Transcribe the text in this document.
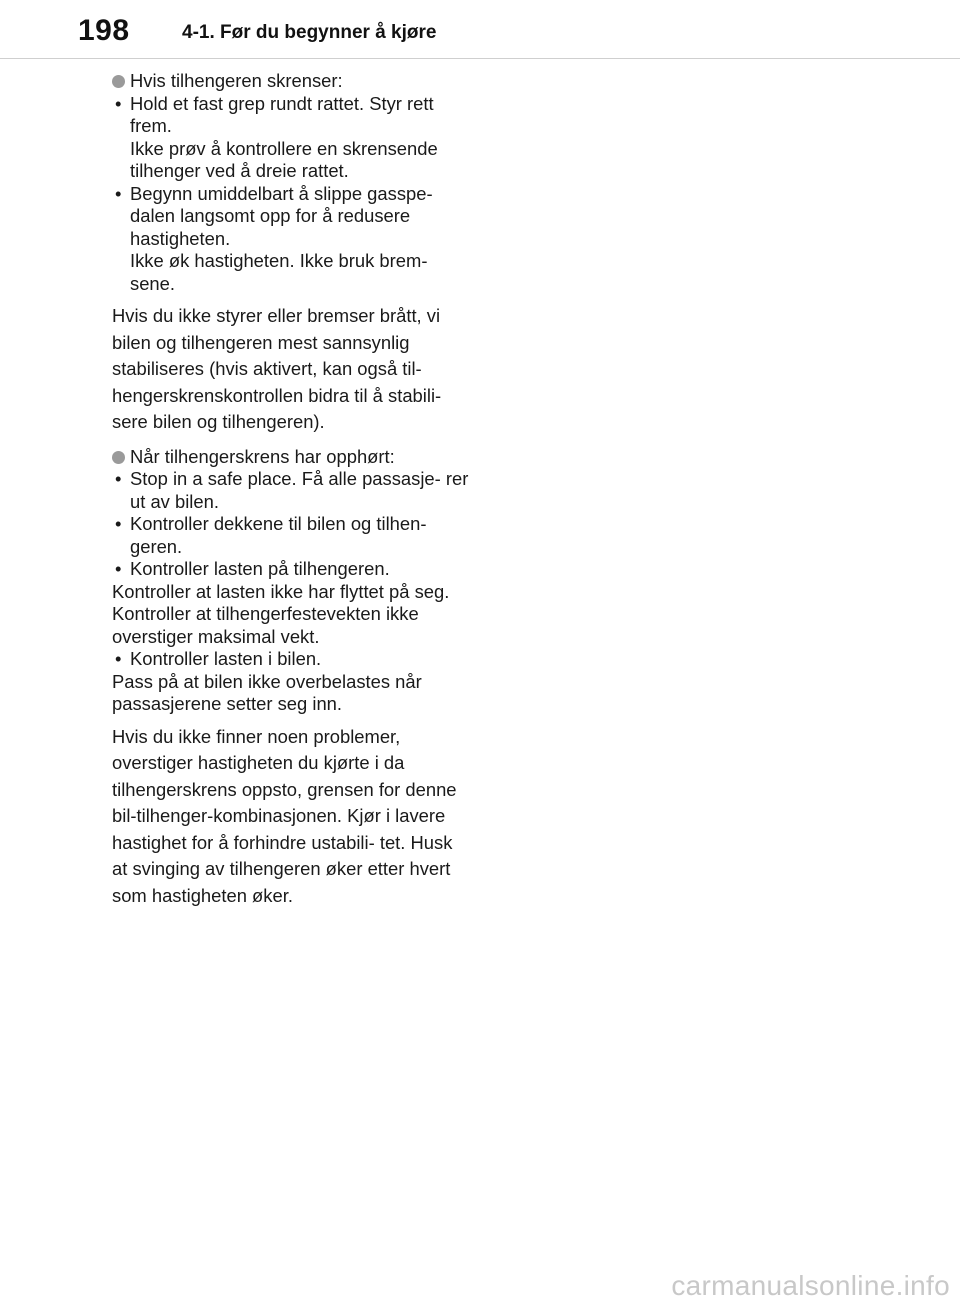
198	4-1. Før du begynner å kjøre
Hvis tilhengeren skrenser:
• Hold et fast grep rundt rattet. Styr rett frem.
Ikke prøv å kontrollere en skrensende tilhenger ved å dreie rattet.
• Begynn umiddelbart å slippe gasspe- dalen langsomt opp for å redusere hastigheten.
Ikke øk hastigheten. Ikke bruk brem- sene.
Hvis du ikke styrer eller bremser brått, vi bilen og tilhengeren mest sannsynlig stabiliseres (hvis aktivert, kan også til- hengerskrenskontrollen bidra til å stabili- sere bilen og tilhengeren).
Når tilhengerskrens har opphørt:
• Stop in a safe place. Få alle passasje- rer ut av bilen.
• Kontroller dekkene til bilen og tilhen- geren.
• Kontroller lasten på tilhengeren.
Kontroller at lasten ikke har flyttet på seg.
Kontroller at tilhengerfestevekten ikke overstiger maksimal vekt.
• Kontroller lasten i bilen.
Pass på at bilen ikke overbelastes når passasjerene setter seg inn.
Hvis du ikke finner noen problemer, overstiger hastigheten du kjørte i da tilhengerskrens oppsto, grensen for denne bil-tilhenger-kombinasjonen. Kjør i lavere hastighet for å forhindre ustabili- tet. Husk at svinging av tilhengeren øker etter hvert som hastigheten øker.
carmanualsonline.info
